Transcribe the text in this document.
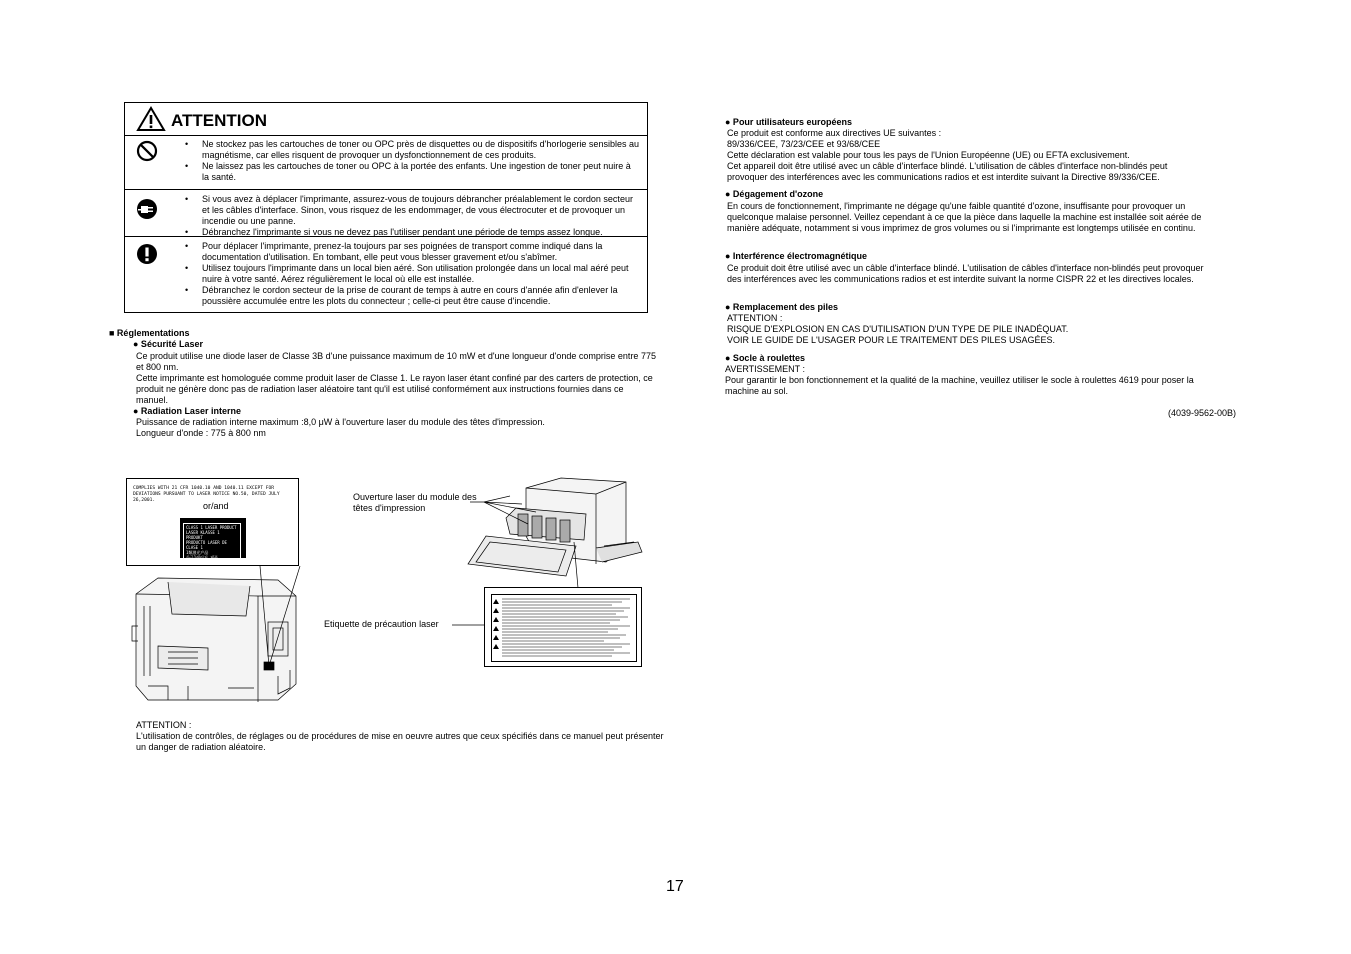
ATTENTION
• Ne stockez pas les cartouches de toner ou OPC près de disquettes ou de dispositifs d'horlogerie sensibles au magnétisme, car elles risquent de provoquer un dysfonctionnement de ces produits.
• Ne laissez pas les cartouches de toner ou OPC à la portée des enfants. Une ingestion de toner peut nuire à la santé.
• Si vous avez à déplacer l'imprimante, assurez-vous de toujours débrancher préalablement le cordon secteur et les câbles d'interface. Sinon, vous risquez de les endommager, de vous électrocuter et de provoquer un incendie ou une panne.
• Débranchez l'imprimante si vous ne devez pas l'utiliser pendant une période de temps assez longue.
• Pour déplacer l'imprimante, prenez-la toujours par ses poignées de transport comme indiqué dans la documentation d'utilisation. En tombant, elle peut vous blesser gravement et/ou s'abîmer.
• Utilisez toujours l'imprimante dans un local bien aéré. Son utilisation prolongée dans un local mal aéré peut nuire à votre santé. Aérez régulièrement le local où elle est installée.
• Débranchez le cordon secteur de la prise de courant de temps à autre en cours d'année afin d'enlever la poussière accumulée entre les plots du connecteur ; celle-ci peut être cause d'incendie.
■ Réglementations
● Sécurité Laser
Ce produit utilise une diode laser de Classe 3B d'une puissance maximum de 10 mW et d'une longueur d'onde comprise entre 775 et 800 nm.
Cette imprimante est homologuée comme produit laser de Classe 1. Le rayon laser étant confiné par des carters de protection, ce produit ne génère donc pas de radiation laser aléatoire tant qu'il est utilisé conformément aux instructions fournies dans ce manuel.
● Radiation Laser interne
Puissance de radiation interne maximum :8,0 μW à l'ouverture laser du module des têtes d'impression.
Longueur d'onde : 775 à 800 nm
● Pour utilisateurs européens
Ce produit est conforme aux directives UE suivantes :
89/336/CEE, 73/23/CEE et 93/68/CEE
Cette déclaration est valable pour tous les pays de l'Union Européenne (UE) ou EFTA exclusivement.
Cet appareil doit être utilisé avec un câble d'interface blindé. L'utilisation de câbles d'interface non-blindés peut provoquer des interférences avec les communications radios et est interdite suivant la Directive 89/336/CEE.
● Dégagement d'ozone
En cours de fonctionnement, l'imprimante ne dégage qu'une faible quantité d'ozone, insuffisante pour provoquer un quelconque malaise personnel. Veillez cependant à ce que la pièce dans laquelle la machine est installée soit aérée de manière adéquate, notamment si vous imprimez de gros volumes ou si l'imprimante est longtemps utilisée en continu.
● Interférence électromagnétique
Ce produit doit être utilisé avec un câble d'interface blindé. L'utilisation de câbles d'interface non-blindés peut provoquer des interférences avec les communications radios et est interdite suivant la norme CISPR 22 et les directives locales.
● Remplacement des piles
ATTENTION :
RISQUE D'EXPLOSION EN CAS D'UTILISATION D'UN TYPE DE PILE INADÉQUAT.
VOIR LE GUIDE DE L'USAGER POUR LE TRAITEMENT DES PILES USAGÉES.
● Socle à roulettes
AVERTISSEMENT :
Pour garantir le bon fonctionnement et la qualité de la machine, veuillez utiliser le socle à roulettes 4619 pour poser la machine au sol.
(4039-9562-00B)
COMPLIES WITH 21 CFR 1040.10 AND 1040.11 EXCEPT FOR DEVIATIONS PURSUANT TO LASER NOTICE NO.50, DATED JULY 26,2001.
or/and
CLASS 1 LASER PRODUCT
LASER KLASSE 1 PRODUKT
PRODUCTO LASER DE CLASE 1
1類激光产品
등급1레이저 제품
Ouverture laser du module des têtes d'impression
Etiquette de précaution laser
ATTENTION :
L'utilisation de contrôles, de réglages ou de procédures de mise en oeuvre autres que ceux spécifiés dans ce manuel peut présenter un danger de radiation aléatoire.
17
